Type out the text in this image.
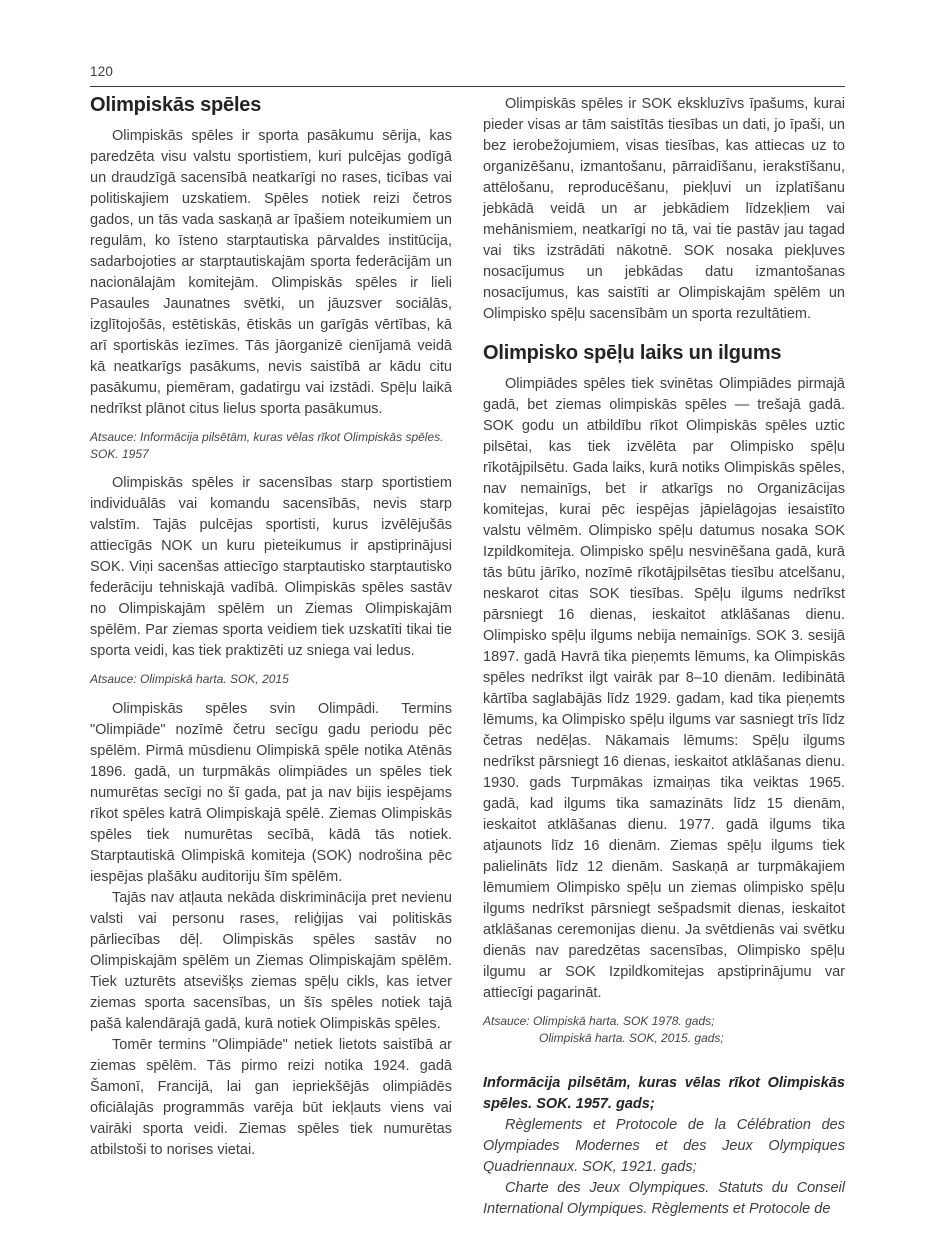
120
Olimpiskās spēles

Olimpiskās spēles ir sporta pasākumu sērija, kas paredzēta visu valstu sportistiem, kuri pulcējas godīgā un draudzīgā sacensībā neatkarīgi no rases, ticības vai politiskajiem uzskatiem. Spēles notiek reizi četros gados, un tās vada saskaņā ar īpašiem noteikumiem un regulām, ko īsteno starptautiska pārvaldes institūcija, sadarbojoties ar starptautiskajām sporta federācijām un nacionālajām komitejām. Olimpiskās spēles ir lieli Pasaules Jaunatnes svētki, un jāuzsver sociālās, izglītojošās, estētiskās, ētiskās un garīgās vērtības, kā arī sportiskās iezīmes. Tās jāorganizē cienījamā veidā kā neatkarīgs pasākums, nevis saistībā ar kādu citu pasākumu, piemēram, gadatirgu vai izstādi. Spēļu laikā nedrīkst plānot citus lielus sporta pasākumus.

Atsauce: Informācija pilsētām, kuras vēlas rīkot Olimpiskās spēles.
SOK. 1957

Olimpiskās spēles ir sacensības starp sportistiem individuālās vai komandu sacensībās, nevis starp valstīm. Tajās pulcējas sportisti, kurus izvēlējušās attiecīgās NOK un kuru pieteikumus ir apstiprinājusi SOK. Viņi sacenšas attiecīgo starptautisko starptautisko federāciju tehniskajā vadībā. Olimpiskās spēles sastāv no Olimpiskajām spēlēm un Ziemas Olimpiskajām spēlēm. Par ziemas sporta veidiem tiek uzskatīti tikai tie sporta veidi, kas tiek praktizēti uz sniega vai ledus.

Atsauce: Olimpiskā harta. SOK, 2015

Olimpiskās spēles svin Olimpādi. Termins "Olimpiāde" nozīmē četru secīgu gadu periodu pēc spēlēm. Pirmā mūsdienu Olimpiskā spēle notika Atēnās 1896. gadā, un turpmākās olimpiādes un spēles tiek numurētas secīgi no šī gada, pat ja nav bijis iespējams rīkot spēles katrā Olimpiskajā spēlē. Ziemas Olimpiskās spēles tiek numurētas secībā, kādā tās notiek. Starptautiskā Olimpiskā komiteja (SOK) nodrošina pēc iespējas plašāku auditoriju šīm spēlēm.

Tajās nav atļauta nekāda diskriminācija pret nevienu valsti vai personu rases, reliģijas vai politiskās pārliecības dēļ. Olimpiskās spēles sastāv no Olimpiskajām spēlēm un Ziemas Olimpiskajām spēlēm. Tiek uzturēts atsevišķs ziemas spēļu cikls, kas ietver ziemas sporta sacensības, un šīs spēles notiek tajā pašā kalendārajā gadā, kurā notiek Olimpiskās spēles.

Tomēr termins "Olimpiāde" netiek lietots saistībā ar ziemas spēlēm. Tās pirmo reizi notika 1924. gadā Šamonī, Francijā, lai gan iepriekšējās olimpiādēs oficiālajās programmās varēja būt iekļauts viens vai vairāki sporta veidi. Ziemas spēles tiek numurētas atbilstoši to norises vietai.

Olimpiskās spēles ir SOK ekskluzīvs īpašums, kurai pieder visas ar tām saistītās tiesības un dati, jo īpaši, un bez ierobežojumiem, visas tiesības, kas attiecas uz to organizēšanu, izmantošanu, pārraidīšanu, ierakstīšanu, attēlošanu, reproducēšanu, piekļuvi un izplatīšanu jebkādā veidā un ar jebkādiem līdzekļiem vai mehānismiem, neatkarīgi no tā, vai tie pastāv jau tagad vai tiks izstrādāti nākotnē. SOK nosaka piekļuves nosacījumus un jebkādas datu izmantošanas nosacījumus, kas saistīti ar Olimpiskajām spēlēm un Olimpisko spēļu sacensībām un sporta rezultātiem.

Olimpisko spēļu laiks un ilgums

Olimpiādes spēles tiek svinētas Olimpiādes pirmajā gadā, bet ziemas olimpiskās spēles — trešajā gadā. SOK godu un atbildību rīkot Olimpiskās spēles uztic pilsētai, kas tiek izvēlēta par Olimpisko spēļu rīkotājpilsētu. Gada laiks, kurā notiks Olimpiskās spēles, nav nemainīgs, bet ir atkarīgs no Organizācijas komitejas, kurai pēc iespējas jāpielāgojas iesaistīto valstu vēlmēm. Olimpisko spēļu datumus nosaka SOK Izpildkomiteja. Olimpisko spēļu nesvinēšana gadā, kurā tās būtu jārīko, nozīmē rīkotājpilsētas tiesību atcelšanu, neskarot citas SOK tiesības. Spēļu ilgums nedrīkst pārsniegt 16 dienas, ieskaitot atklāšanas dienu. Olimpisko spēļu ilgums nebija nemainīgs. SOK 3. sesijā 1897. gadā Havrā tika pieņemts lēmums, ka Olimpiskās spēles nedrīkst ilgt vairāk par 8–10 dienām. Iedibinātā kārtība saglabājās līdz 1929. gadam, kad tika pieņemts lēmums, ka Olimpisko spēļu ilgums var sasniegt trīs līdz četras nedēļas. Nākamais lēmums: Spēļu ilgums nedrīkst pārsniegt 16 dienas, ieskaitot atklāšanas dienu. 1930. gads Turpmākas izmaiņas tika veiktas 1965. gadā, kad ilgums tika samazināts līdz 15 dienām, ieskaitot atklāšanas dienu. 1977. gadā ilgums tika atjaunots līdz 16 dienām. Ziemas spēļu ilgums tiek palielināts līdz 12 dienām. Saskaņā ar turpmākajiem lēmumiem Olimpisko spēļu un ziemas olimpisko spēļu ilgums nedrīkst pārsniegt sešpadsmit dienas, ieskaitot atklāšanas ceremonijas dienu. Ja svētdienās vai svētku dienās nav paredzētas sacensības, Olimpisko spēļu ilgumu ar SOK Izpildkomitejas apstiprinājumu var attiecīgi pagarināt.

Atsauce: Olimpiskā harta. SOK 1978. gads;
Olimpiskā harta. SOK, 2015. gads;

Informācija pilsētām, kuras vēlas rīkot Olimpiskās spēles. SOK. 1957. gads;

Règlements et Protocole de la Célébration des Olympiades Modernes et des Jeux Olympiques Quadriennaux. SOK, 1921. gads;

Charte des Jeux Olympiques. Statuts du Conseil International Olympiques. Règlements et Protocole de
